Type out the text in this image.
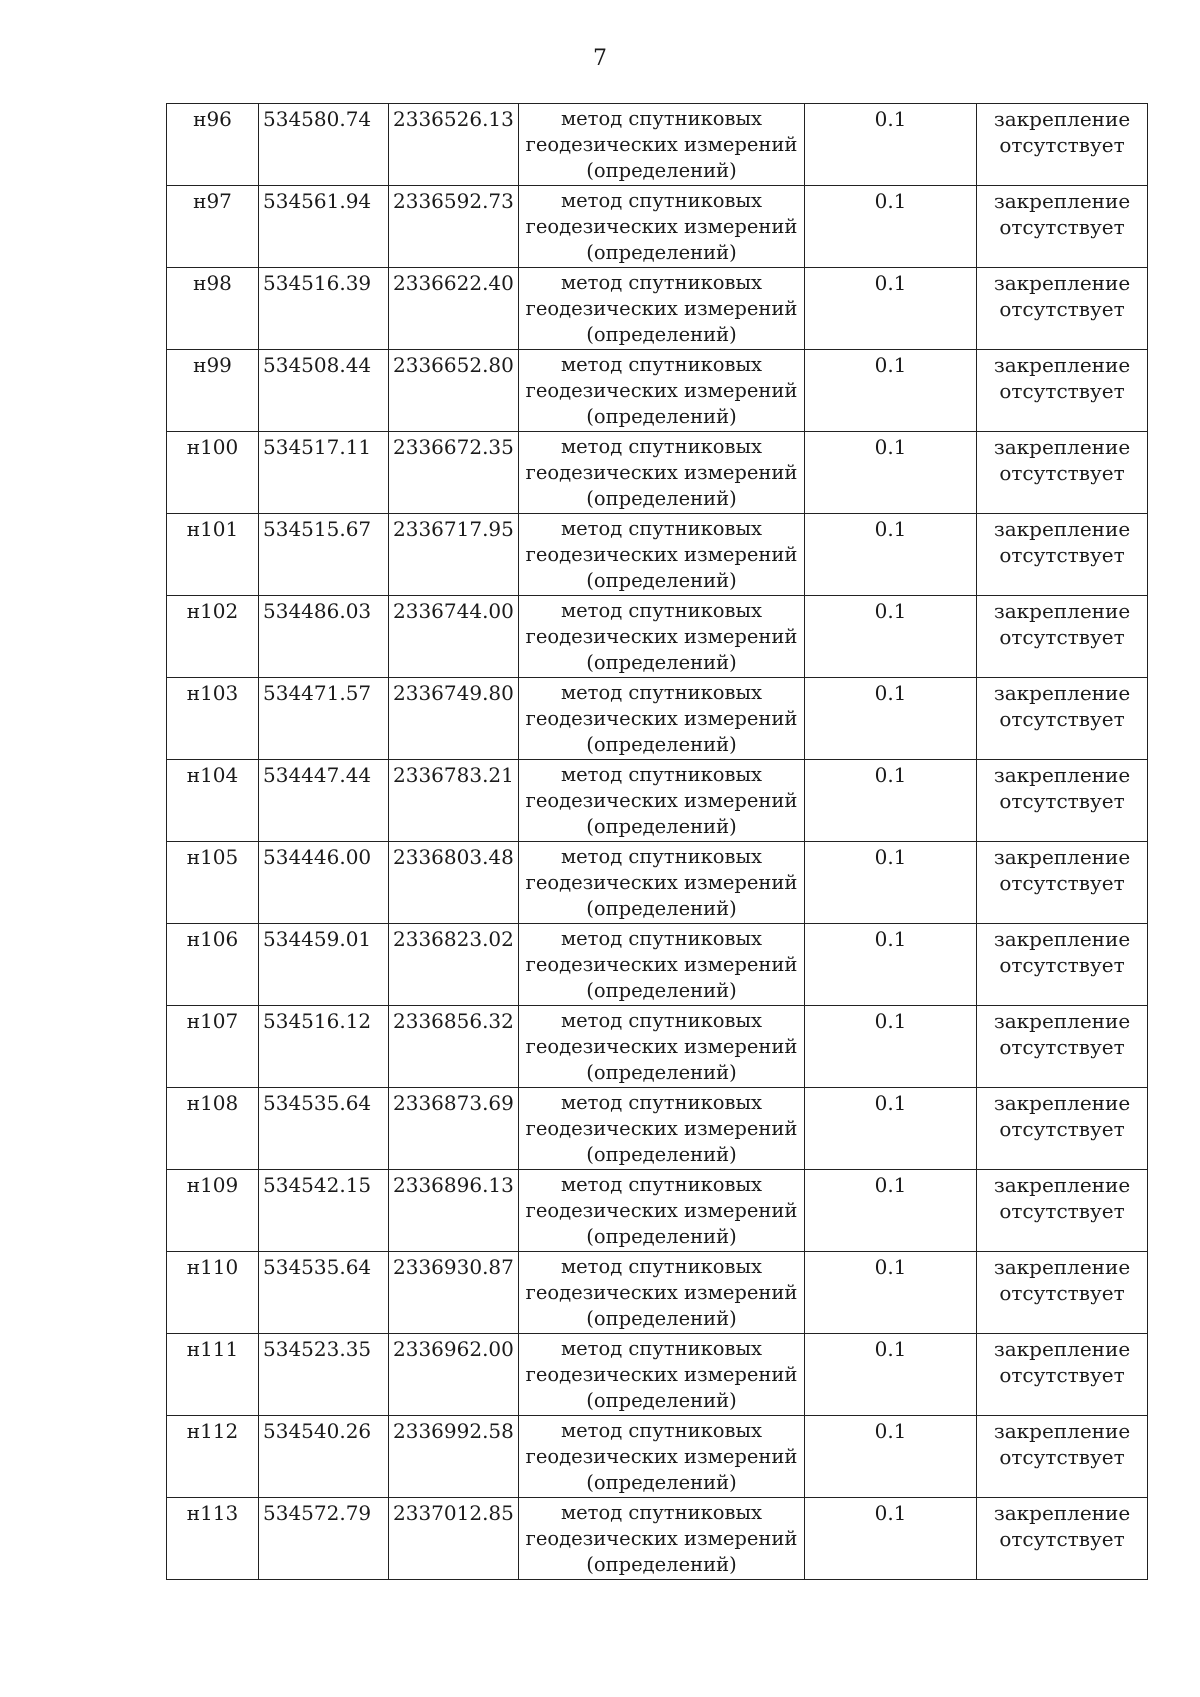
7
н96	534580.74	2336526.13	метод спутниковых
геодезических измерений
(определений)	0.1	закрепление
отсутствует

н97	534561.94	2336592.73	метод спутниковых
геодезических измерений
(определений)	0.1	закрепление
отсутствует

н98	534516.39	2336622.40	метод спутниковых
геодезических измерений
(определений)	0.1	закрепление
отсутствует

н99	534508.44	2336652.80	метод спутниковых
геодезических измерений
(определений)	0.1	закрепление
отсутствует

н100	534517.11	2336672.35	метод спутниковых
геодезических измерений
(определений)	0.1	закрепление
отсутствует

н101	534515.67	2336717.95	метод спутниковых
геодезических измерений
(определений)	0.1	закрепление
отсутствует

н102	534486.03	2336744.00	метод спутниковых
геодезических измерений
(определений)	0.1	закрепление
отсутствует

н103	534471.57	2336749.80	метод спутниковых
геодезических измерений
(определений)	0.1	закрепление
отсутствует

н104	534447.44	2336783.21	метод спутниковых
геодезических измерений
(определений)	0.1	закрепление
отсутствует

н105	534446.00	2336803.48	метод спутниковых
геодезических измерений
(определений)	0.1	закрепление
отсутствует

н106	534459.01	2336823.02	метод спутниковых
геодезических измерений
(определений)	0.1	закрепление
отсутствует

н107	534516.12	2336856.32	метод спутниковых
геодезических измерений
(определений)	0.1	закрепление
отсутствует

н108	534535.64	2336873.69	метод спутниковых
геодезических измерений
(определений)	0.1	закрепление
отсутствует

н109	534542.15	2336896.13	метод спутниковых
геодезических измерений
(определений)	0.1	закрепление
отсутствует

н110	534535.64	2336930.87	метод спутниковых
геодезических измерений
(определений)	0.1	закрепление
отсутствует

н111	534523.35	2336962.00	метод спутниковых
геодезических измерений
(определений)	0.1	закрепление
отсутствует

н112	534540.26	2336992.58	метод спутниковых
геодезических измерений
(определений)	0.1	закрепление
отсутствует

н113	534572.79	2337012.85	метод спутниковых
геодезических измерений
(определений)	0.1	закрепление
отсутствует
